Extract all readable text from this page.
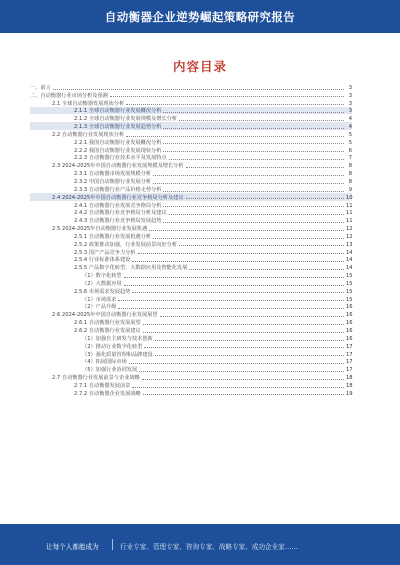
自动衡器企业逆势崛起策略研究报告
内容目录
一、前言	3
二、自动衡器行业市场分析及预测	3
2.1 全球自动衡器发展现状分析	3
2.1.1 全球自动衡器行业发展概况分析	3
2.1.2 全球自动衡器行业发展规模及增长分析	4
2.1.3 全球自动衡器行业发展趋势分析	4
2.2 自动衡器行业发展现状分析	5
2.2.1 我国自动衡器行业发展概况分析	5
2.2.2 我国自动衡器行业发展现状分析	6
2.2.3 自动衡器行业技术水平及发展特点	7
2.3 2024-2025年中国自动衡器行业发展规模及增长分析	8
2.3.1 自动衡器市场发展规模分析	8
2.3.2 中国自动衡器行业发展分析	8
2.3.3 自动衡器行业产品价格走势分析	9
2.4 2024-2025年中国自动衡器行业竞争格局分析及建议	10
2.4.1 自动衡器行业发展竞争格局分析	11
2.4.2 自动衡器行业竞争格局分析及建议	11
2.4.3 自动衡器行业竞争格局发展趋势	11
2.5 2024-2025年自动衡器行业发展机遇	12
2.5.1 自动衡器行业发展机遇分析	12
2.5.2 政策推动加强，行业发展前景向好分析	13
2.5.3 国产产品竞争力分析	14
2.5.4 行业标准体系建设	14
2.5.5 产品数字化转型、大数据应用及智能化发展	14
（1）数字化转型	15
（2）大数据应用	15
2.5.6 市场需求发展趋势	15
（1）市场需求	15
（2）产品升级	16
2.6 2024-2025年中国自动衡器行业发展展望	16
2.6.1 自动衡器行业发展展望	16
2.6.2 自动衡器行业发展建议	16
（1）加强自主研发与技术创新	16
（2）推动行业数字化转型	17
（3）强化质量管理和品牌建设	17
（4）拓展国际市场	17
（5）加强行业协同发展	17
2.7 自动衡器行业发展前景与企业战略	18
2.7.1 自动衡器发展前景	18
2.7.2 自动衡器企业发展战略	19
让每个人都能成为	行业专家、管理专家、咨询专家、战略专家、成功企业家……
